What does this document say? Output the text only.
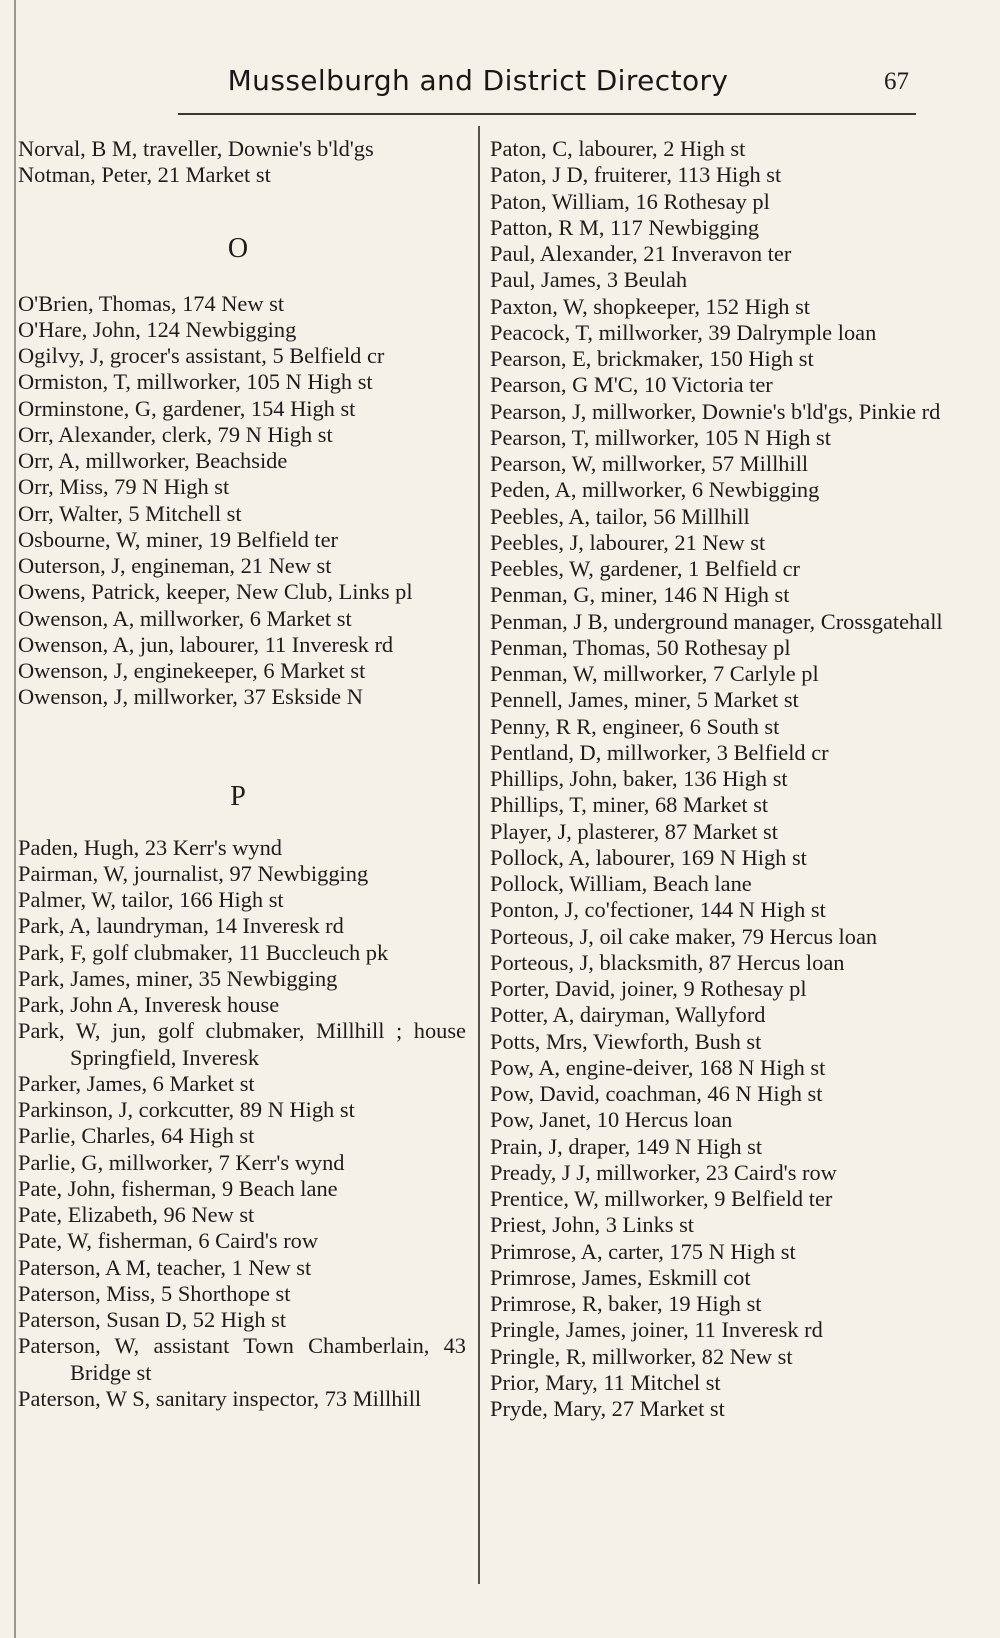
Musselburgh and District Directory	67
Norval, B M, traveller, Downie's b'ld'gs
Notman, Peter, 21 Market st
O
O'Brien, Thomas, 174 New st
O'Hare, John, 124 Newbigging
Ogilvy, J, grocer's assistant, 5 Belfield cr
Ormiston, T, millworker, 105 N High st
Orminstone, G, gardener, 154 High st
Orr, Alexander, clerk, 79 N High st
Orr, A, millworker, Beachside
Orr, Miss, 79 N High st
Orr, Walter, 5 Mitchell st
Osbourne, W, miner, 19 Belfield ter
Outerson, J, engineman, 21 New st
Owens, Patrick, keeper, New Club, Links pl
Owenson, A, millworker, 6 Market st
Owenson, A, jun, labourer, 11 Inveresk rd
Owenson, J, enginekeeper, 6 Market st
Owenson, J, millworker, 37 Eskside N
P
Paden, Hugh, 23 Kerr's wynd
Pairman, W, journalist, 97 Newbigging
Palmer, W, tailor, 166 High st
Park, A, laundryman, 14 Inveresk rd
Park, F, golf clubmaker, 11 Buccleuch pk
Park, James, miner, 35 Newbigging
Park, John A, Inveresk house
Park, W, jun, golf clubmaker, Millhill ; house Springfield, Inveresk
Parker, James, 6 Market st
Parkinson, J, corkcutter, 89 N High st
Parlie, Charles, 64 High st
Parlie, G, millworker, 7 Kerr's wynd
Pate, John, fisherman, 9 Beach lane
Pate, Elizabeth, 96 New st
Pate, W, fisherman, 6 Caird's row
Paterson, A M, teacher, 1 New st
Paterson, Miss, 5 Shorthope st
Paterson, Susan D, 52 High st
Paterson, W, assistant Town Chamberlain, 43 Bridge st
Paterson, W S, sanitary inspector, 73 Millhill
Paton, C, labourer, 2 High st
Paton, J D, fruiterer, 113 High st
Paton, William, 16 Rothesay pl
Patton, R M, 117 Newbigging
Paul, Alexander, 21 Inveravon ter
Paul, James, 3 Beulah
Paxton, W, shopkeeper, 152 High st
Peacock, T, millworker, 39 Dalrymple loan
Pearson, E, brickmaker, 150 High st
Pearson, G M'C, 10 Victoria ter
Pearson, J, millworker, Downie's b'ld'gs, Pinkie rd
Pearson, T, millworker, 105 N High st
Pearson, W, millworker, 57 Millhill
Peden, A, millworker, 6 Newbigging
Peebles, A, tailor, 56 Millhill
Peebles, J, labourer, 21 New st
Peebles, W, gardener, 1 Belfield cr
Penman, G, miner, 146 N High st
Penman, J B, underground manager, Crossgatehall
Penman, Thomas, 50 Rothesay pl
Penman, W, millworker, 7 Carlyle pl
Pennell, James, miner, 5 Market st
Penny, R R, engineer, 6 South st
Pentland, D, millworker, 3 Belfield cr
Phillips, John, baker, 136 High st
Phillips, T, miner, 68 Market st
Player, J, plasterer, 87 Market st
Pollock, A, labourer, 169 N High st
Pollock, William, Beach lane
Ponton, J, co'fectioner, 144 N High st
Porteous, J, oil cake maker, 79 Hercus loan
Porteous, J, blacksmith, 87 Hercus loan
Porter, David, joiner, 9 Rothesay pl
Potter, A, dairyman, Wallyford
Potts, Mrs, Viewforth, Bush st
Pow, A, engine-deiver, 168 N High st
Pow, David, coachman, 46 N High st
Pow, Janet, 10 Hercus loan
Prain, J, draper, 149 N High st
Pready, J J, millworker, 23 Caird's row
Prentice, W, millworker, 9 Belfield ter
Priest, John, 3 Links st
Primrose, A, carter, 175 N High st
Primrose, James, Eskmill cot
Primrose, R, baker, 19 High st
Pringle, James, joiner, 11 Inveresk rd
Pringle, R, millworker, 82 New st
Prior, Mary, 11 Mitchel st
Pryde, Mary, 27 Market st
